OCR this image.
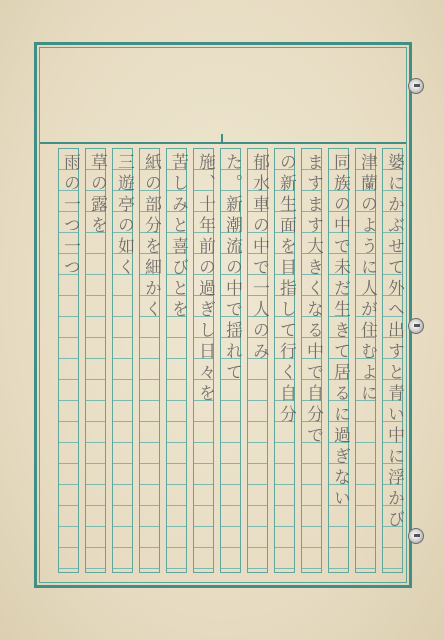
婆にかぶせて外へ出すと青い中に浮かび
津蘭のように人が住むよに
同族の中で未だ生きて居るに過ぎない
ますます大きくなる中で自分で
の新生面を目指して行く自分
郁水車の中で一人のみ
た。新潮流の中で揺れて
施、十年前の過ぎし日々を
苦しみと喜びとを
紙の部分を細かく
三遊亭の如く
草の露を
雨の一つ一つ
